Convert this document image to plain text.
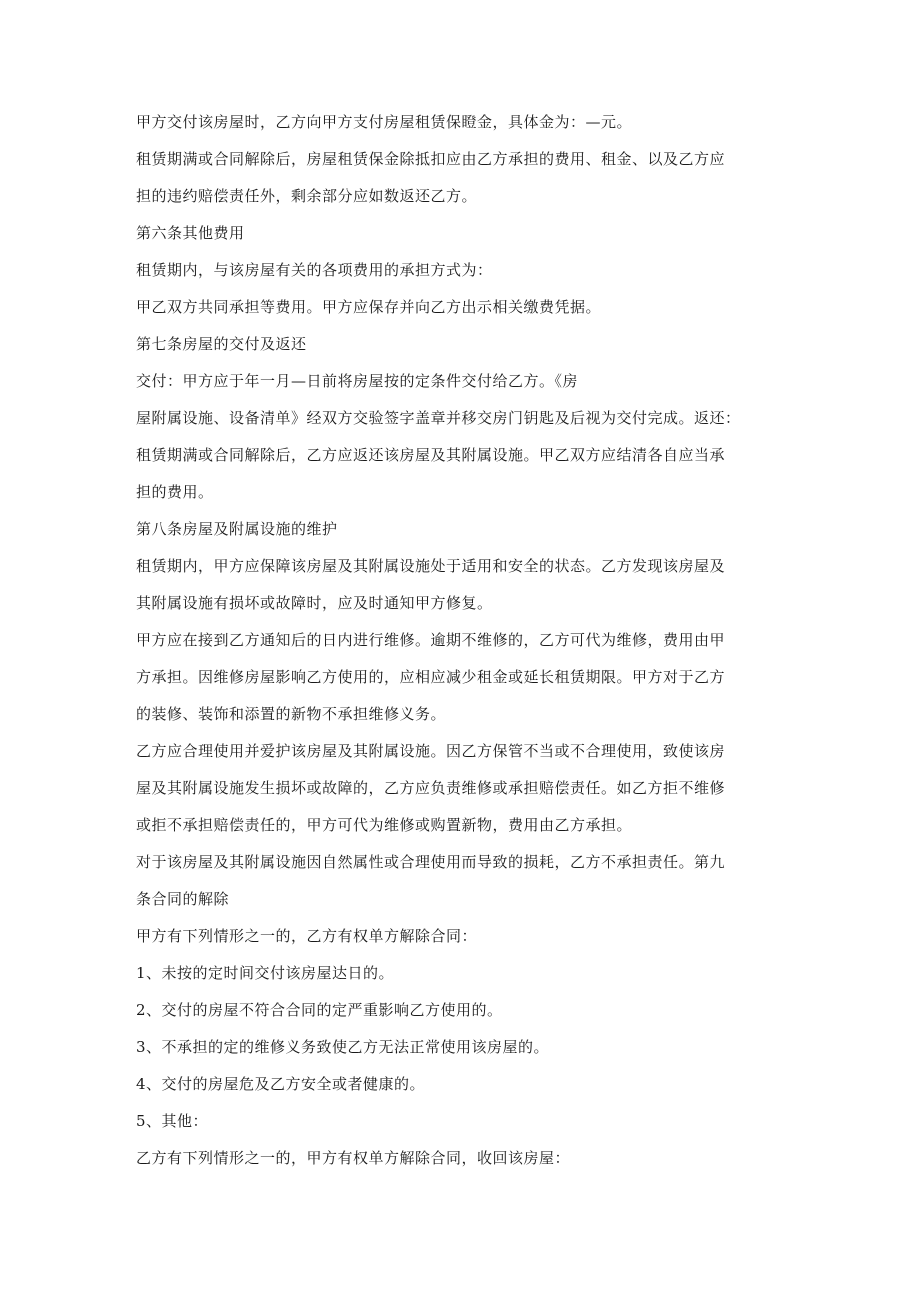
甲方交付该房屋时，乙方向甲方支付房屋租赁保瞪金，具体金为：—元。
租赁期满或合同解除后，房屋租赁保金除抵扣应由乙方承担的费用、租金、以及乙方应
担的违约赔偿责任外，剩余部分应如数返还乙方。
第六条其他费用
租赁期内，与该房屋有关的各项费用的承担方式为：
甲乙双方共同承担等费用。甲方应保存并向乙方出示相关缴费凭据。
第七条房屋的交付及返还
交付：甲方应于年一月—日前将房屋按的定条件交付给乙方。《房
屋附属设施、设备清单》经双方交验签字盖章并移交房门钥匙及后视为交付完成。返还：
租赁期满或合同解除后，乙方应返还该房屋及其附属设施。甲乙双方应结清各自应当承
担的费用。
第八条房屋及附属设施的维护
租赁期内，甲方应保障该房屋及其附属设施处于适用和安全的状态。乙方发现该房屋及
其附属设施有损坏或故障时，应及时通知甲方修复。
甲方应在接到乙方通知后的日内进行维修。逾期不维修的，乙方可代为维修，费用由甲
方承担。因维修房屋影响乙方使用的，应相应减少租金或延长租赁期限。甲方对于乙方
的装修、装饰和添置的新物不承担维修义务。
乙方应合理使用并爱护该房屋及其附属设施。因乙方保管不当或不合理使用，致使该房
屋及其附属设施发生损坏或故障的，乙方应负责维修或承担赔偿责任。如乙方拒不维修
或拒不承担赔偿责任的，甲方可代为维修或购置新物，费用由乙方承担。
对于该房屋及其附属设施因自然属性或合理使用而导致的损耗，乙方不承担责任。第九
条合同的解除
甲方有下列情形之一的，乙方有权单方解除合同：
1、未按的定时间交付该房屋达日的。
2、交付的房屋不符合合同的定严重影响乙方使用的。
3、不承担的定的维修义务致使乙方无法正常使用该房屋的。
4、交付的房屋危及乙方安全或者健康的。
5、其他：
乙方有下列情形之一的，甲方有权单方解除合同，收回该房屋：
